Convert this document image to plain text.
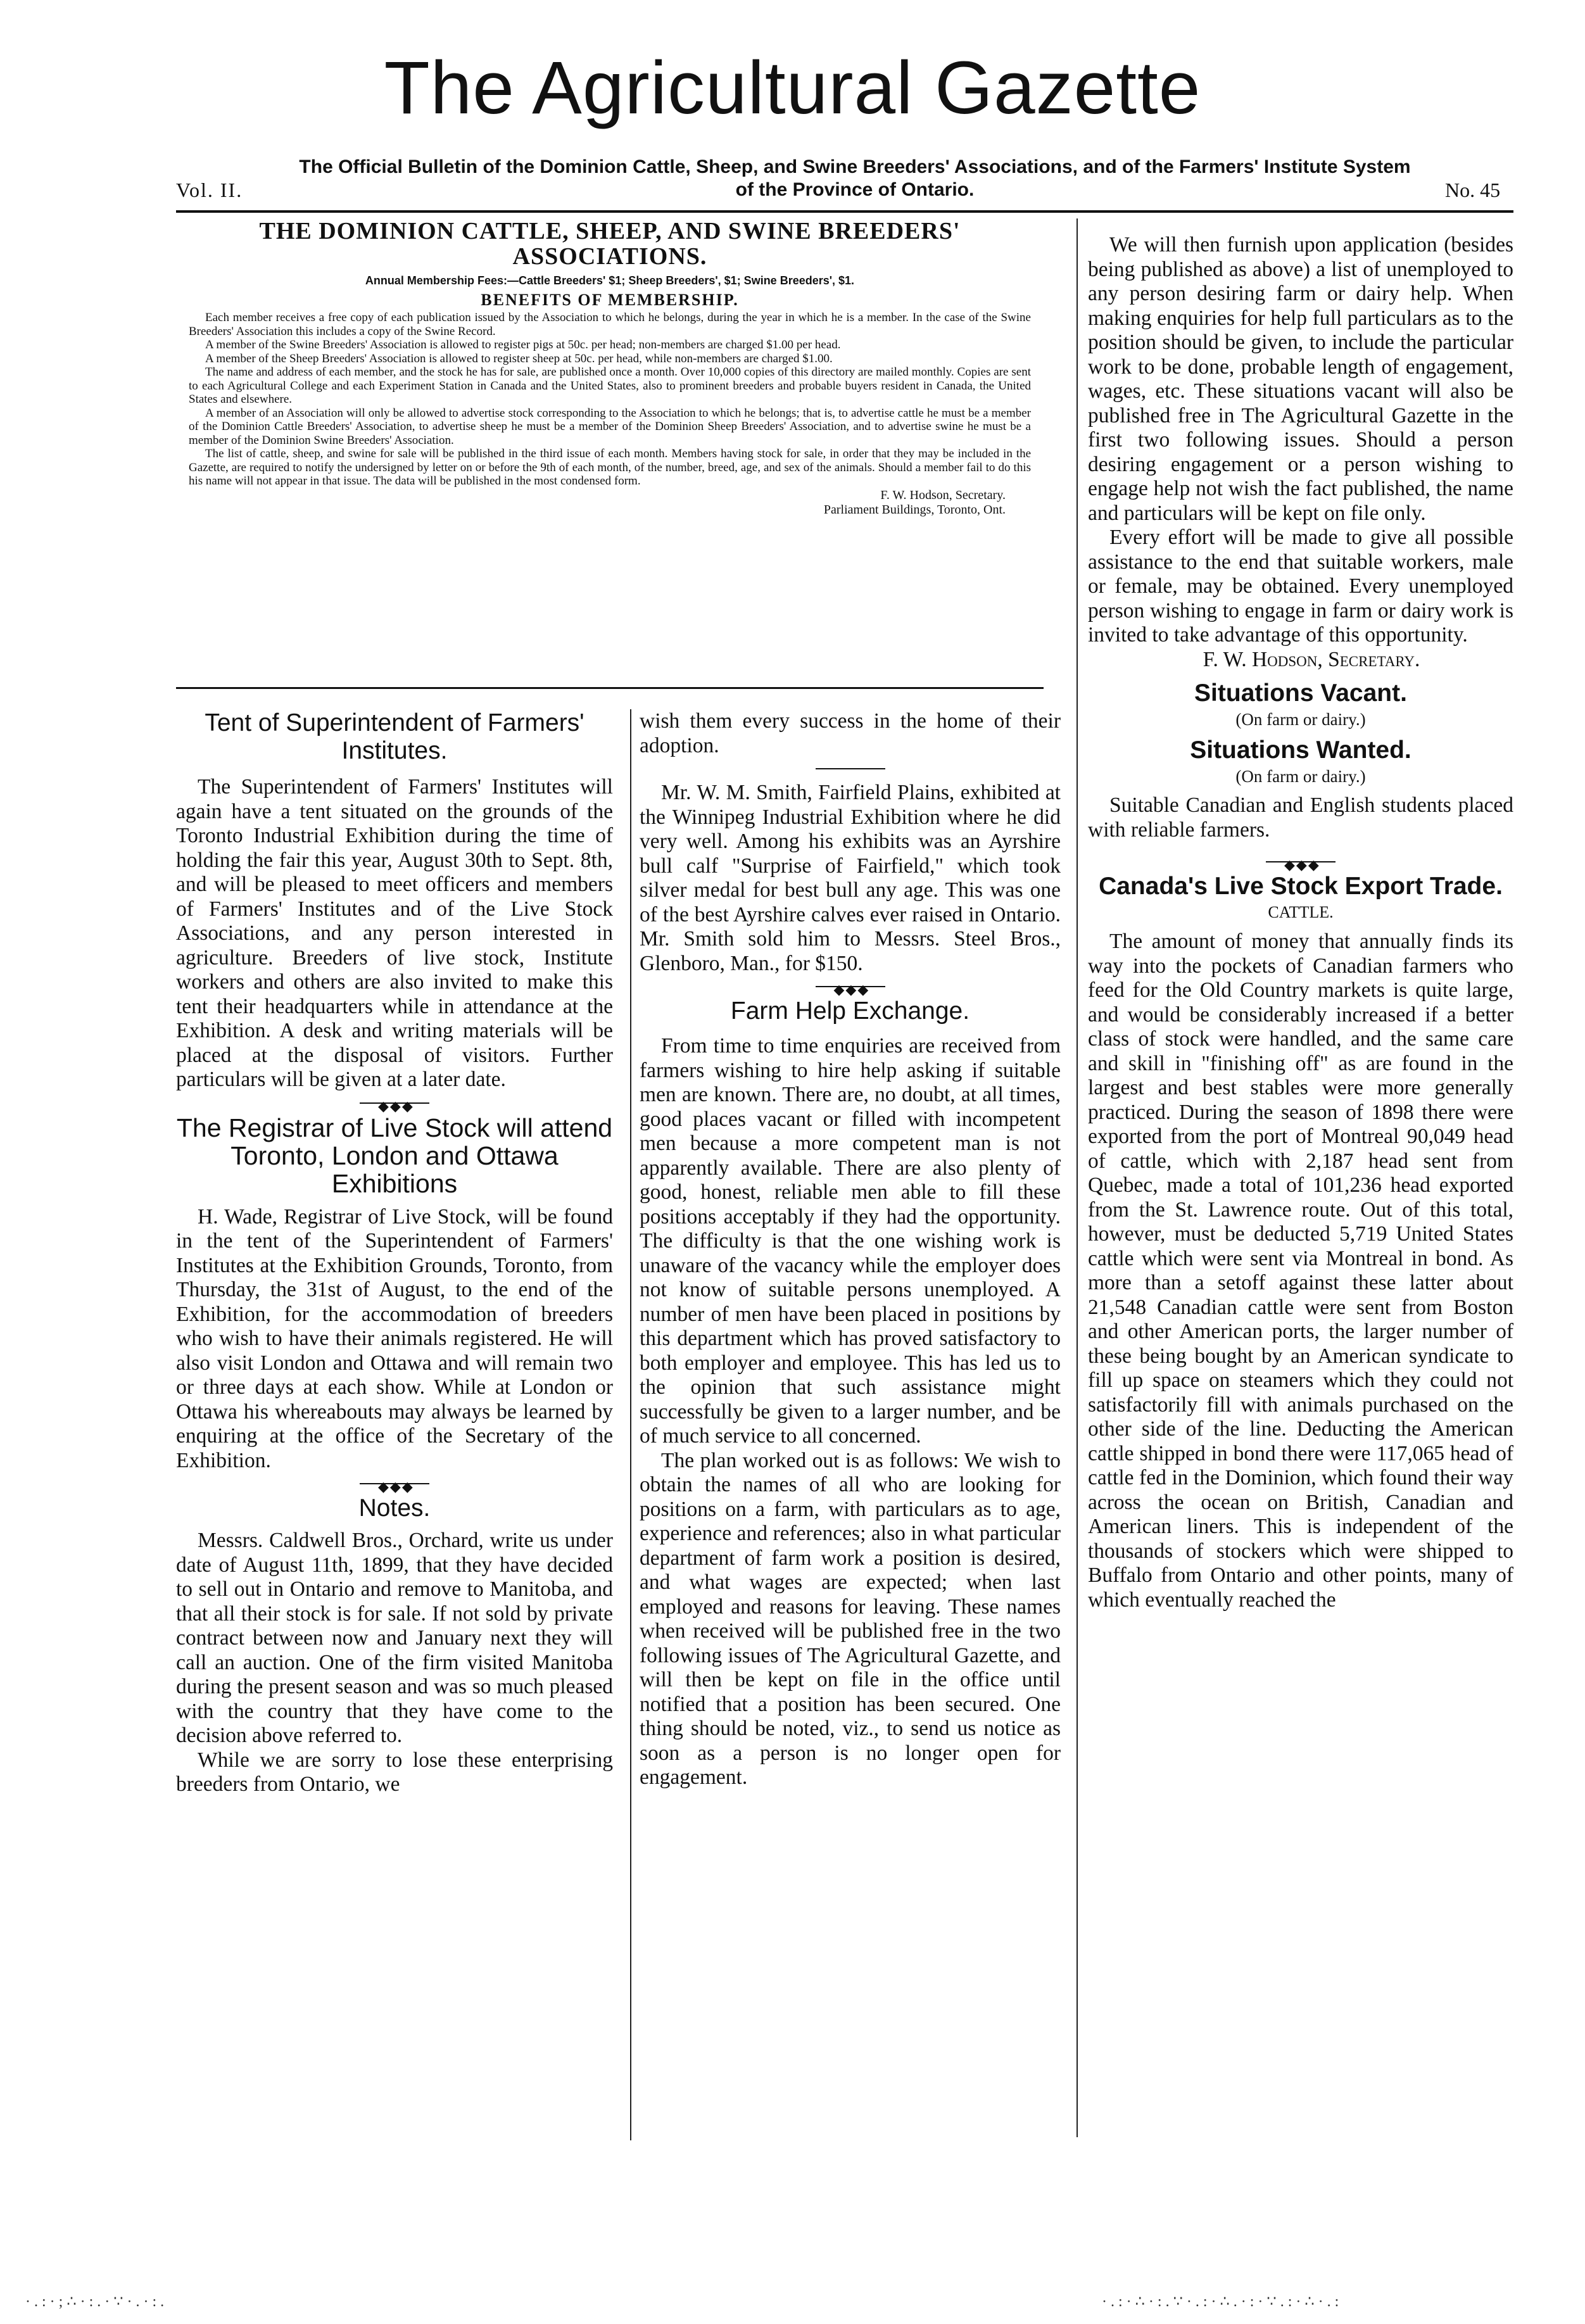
The Agricultural Gazette
Vol. II.
The Official Bulletin of the Dominion Cattle, Sheep, and Swine Breeders' Associations, and of the Farmers' Institute System of the Province of Ontario.	No. 45
THE DOMINION CATTLE, SHEEP, AND SWINE BREEDERS' ASSOCIATIONS.
Annual Membership Fees:—Cattle Breeders' $1; Sheep Breeders', $1; Swine Breeders', $1.
BENEFITS OF MEMBERSHIP.

Each member receives a free copy of each publication issued by the Association to which he belongs, during the year in which he is a member. In the case of the Swine Breeders' Association this includes a copy of the Swine Record.

A member of the Swine Breeders' Association is allowed to register pigs at 50c. per head; non-members are charged $1.00 per head.

A member of the Sheep Breeders' Association is allowed to register sheep at 50c. per head, while non-members are charged $1.00.

The name and address of each member, and the stock he has for sale, are published once a month. Over 10,000 copies of this directory are mailed monthly. Copies are sent to each Agricultural College and each Experiment Station in Canada and the United States, also to prominent breeders and probable buyers resident in Canada, the United States and elsewhere.

A member of an Association will only be allowed to advertise stock corresponding to the Association to which he belongs; that is, to advertise cattle he must be a member of the Dominion Cattle Breeders' Association, to advertise sheep he must be a member of the Dominion Sheep Breeders' Association, and to advertise swine he must be a member of the Dominion Swine Breeders' Association.

The list of cattle, sheep, and swine for sale will be published in the third issue of each month. Members having stock for sale, in order that they may be included in the Gazette, are required to notify the undersigned by letter on or before the 9th of each month, of the number, breed, age, and sex of the animals. Should a member fail to do this his name will not appear in that issue. The data will be published in the most condensed form.

F. W. Hodson, Secretary.
Parliament Buildings, Toronto, Ont.
Tent of Superintendent of Farmers' Institutes.

The Superintendent of Farmers' Institutes will again have a tent situated on the grounds of the Toronto Industrial Exhibition during the time of holding the fair this year, August 30th to Sept. 8th, and will be pleased to meet officers and members of Farmers' Institutes and of the Live Stock Associations, and any person interested in agriculture. Breeders of live stock, Institute workers and others are also invited to make this tent their headquarters while in attendance at the Exhibition. A desk and writing materials will be placed at the disposal of visitors. Further particulars will be given at a later date.

◆◆◆
The Registrar of Live Stock will attend Toronto, London and Ottawa Exhibitions

H. Wade, Registrar of Live Stock, will be found in the tent of the Superintendent of Farmers' Institutes at the Exhibition Grounds, Toronto, from Thursday, the 31st of August, to the end of the Exhibition, for the accommodation of breeders who wish to have their animals registered. He will also visit London and Ottawa and will remain two or three days at each show. While at London or Ottawa his whereabouts may always be learned by enquiring at the office of the Secretary of the Exhibition.

◆◆◆
Notes.

Messrs. Caldwell Bros., Orchard, write us under date of August 11th, 1899, that they have decided to sell out in Ontario and remove to Manitoba, and that all their stock is for sale. If not sold by private contract between now and January next they will call an auction. One of the firm visited Manitoba during the present season and was so much pleased with the country that they have come to the decision above referred to.

While we are sorry to lose these enterprising breeders from Ontario, we

wish them every success in the home of their adoption.

Mr. W. M. Smith, Fairfield Plains, exhibited at the Winnipeg Industrial Exhibition where he did very well. Among his exhibits was an Ayrshire bull calf "Surprise of Fairfield," which took silver medal for best bull any age. This was one of the best Ayrshire calves ever raised in Ontario. Mr. Smith sold him to Messrs. Steel Bros., Glenboro, Man., for $150.

◆◆◆
Farm Help Exchange.

From time to time enquiries are received from farmers wishing to hire help asking if suitable men are known. There are, no doubt, at all times, good places vacant or filled with incompetent men because a more competent man is not apparently available. There are also plenty of good, honest, reliable men able to fill these positions acceptably if they had the opportunity. The difficulty is that the one wishing work is unaware of the vacancy while the employer does not know of suitable persons unemployed. A number of men have been placed in positions by this department which has proved satisfactory to both employer and employee. This has led us to the opinion that such assistance might successfully be given to a larger number, and be of much service to all concerned.

The plan worked out is as follows: We wish to obtain the names of all who are looking for positions on a farm, with particulars as to age, experience and references; also in what particular department of farm work a position is desired, and what wages are expected; when last employed and reasons for leaving. These names when received will be published free in the two following issues of The Agricultural Gazette, and will then be kept on file in the office until notified that a position has been secured. One thing should be noted, viz., to send us notice as soon as a person is no longer open for engagement.

We will then furnish upon application (besides being published as above) a list of unemployed to any person desiring farm or dairy help. When making enquiries for help full particulars as to the position should be given, to include the particular work to be done, probable length of engagement, wages, etc. These situations vacant will also be published free in The Agricultural Gazette in the first two following issues. Should a person desiring engagement or a person wishing to engage help not wish the fact published, the name and particulars will be kept on file only.

Every effort will be made to give all possible assistance to the end that suitable workers, male or female, may be obtained. Every unemployed person wishing to engage in farm or dairy work is invited to take advantage of this opportunity.

F. W. Hodson, Secretary.

Situations Vacant.
(On farm or dairy.)
Situations Wanted.
(On farm or dairy.)

Suitable Canadian and English students placed with reliable farmers.

◆◆◆
Canada's Live Stock Export Trade.
CATTLE.

The amount of money that annually finds its way into the pockets of Canadian farmers who feed for the Old Country markets is quite large, and would be considerably increased if a better class of stock were handled, and the same care and skill in "finishing off" as are found in the largest and best stables were more generally practiced. During the season of 1898 there were exported from the port of Montreal 90,049 head of cattle, which with 2,187 head sent from Quebec, made a total of 101,236 head exported from the St. Lawrence route. Out of this total, however, must be deducted 5,719 United States cattle which were sent via Montreal in bond. As more than a setoff against these latter about 21,548 Canadian cattle were sent from Boston and other American ports, the larger number of these being bought by an American syndicate to fill up space on steamers which they could not satisfactorily fill with animals purchased on the other side of the line. Deducting the American cattle shipped in bond there were 117,065 head of cattle fed in the Dominion, which found their way across the ocean on British, Canadian and American liners. This is independent of the thousands of stockers which were shipped to Buffalo from Ontario and other points, many of which eventually reached the

·.:·;∴·:.·∵·.·:.	·.:·∴·:.∵·.:·∴.·:·∵.:·∴·.:
